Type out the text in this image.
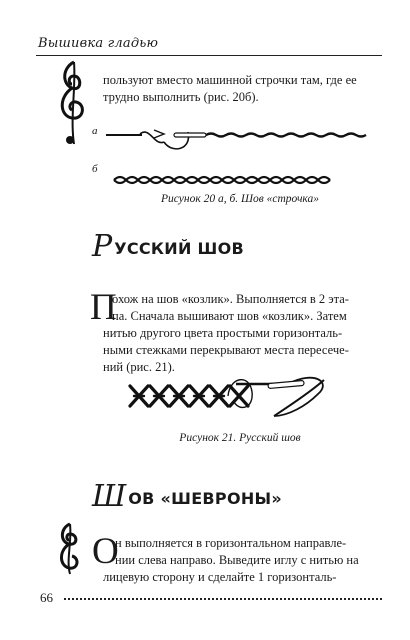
Вышивка гладью
пользуют вместо машинной строчки там, где ее
трудно выполнить (рис. 20б).
а
б
Рисунок 20 а, б. Шов «строчка»
Р УССКИЙ ШОВ
П
охож на шов «козлик». Выполняется в 2 эта-
па. Сначала вышивают шов «козлик». Затем
нитью другого цвета простыми горизонталь-
ными стежками перекрывают места пересече-
ний (рис. 21).
Рисунок 21. Русский шов
Ш ОВ «ШЕВРОНЫ»
О
н выполняется в горизонтальном направле-
нии слева направо. Выведите иглу с нитью на
лицевую сторону и сделайте 1 горизонталь-
66
